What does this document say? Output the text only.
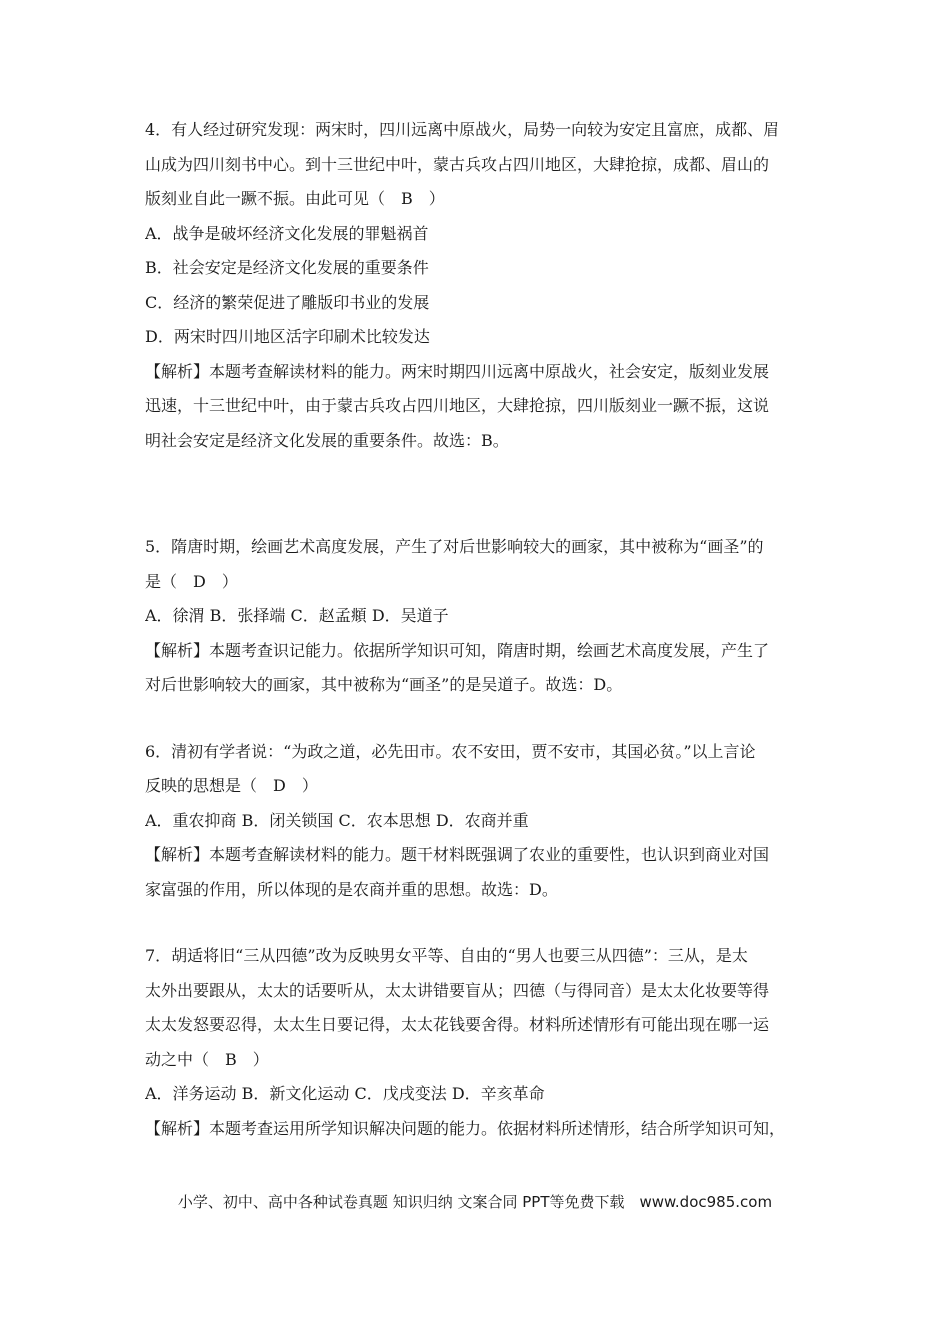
4．有人经过研究发现：两宋时，四川远离中原战火，局势一向较为安定且富庶，成都、眉
山成为四川刻书中心。到十三世纪中叶，蒙古兵攻占四川地区，大肆抢掠，成都、眉山的
版刻业自此一蹶不振。由此可见（　B　）
A．战争是破坏经济文化发展的罪魁祸首
B．社会安定是经济文化发展的重要条件
C．经济的繁荣促进了雕版印书业的发展
D．两宋时四川地区活字印刷术比较发达
【解析】本题考查解读材料的能力。两宋时期四川远离中原战火，社会安定，版刻业发展
迅速，十三世纪中叶，由于蒙古兵攻占四川地区，大肆抢掠，四川版刻业一蹶不振，这说
明社会安定是经济文化发展的重要条件。故选：B。
5．隋唐时期，绘画艺术高度发展，产生了对后世影响较大的画家，其中被称为“画圣”的
是（　D　）
A．徐渭 B．张择端 C．赵孟頫 D．吴道子
【解析】本题考查识记能力。依据所学知识可知，隋唐时期，绘画艺术高度发展，产生了
对后世影响较大的画家，其中被称为“画圣”的是吴道子。故选：D。
6．清初有学者说：“为政之道，必先田市。农不安田，贾不安市，其国必贫。”以上言论
反映的思想是（　D　）
A．重农抑商 B．闭关锁国 C．农本思想 D．农商并重
【解析】本题考查解读材料的能力。题干材料既强调了农业的重要性，也认识到商业对国
家富强的作用，所以体现的是农商并重的思想。故选：D。
7．胡适将旧“三从四德”改为反映男女平等、自由的“男人也要三从四德”：三从，是太
太外出要跟从，太太的话要听从，太太讲错要盲从；四德（与得同音）是太太化妆要等得
太太发怒要忍得，太太生日要记得，太太花钱要舍得。材料所述情形有可能出现在哪一运
动之中（　B　）
A．洋务运动 B．新文化运动 C．戊戌变法 D．辛亥革命
【解析】本题考查运用所学知识解决问题的能力。依据材料所述情形，结合所学知识可知，
小学、初中、高中各种试卷真题 知识归纳 文案合同 PPT等免费下载　www.doc985.com
